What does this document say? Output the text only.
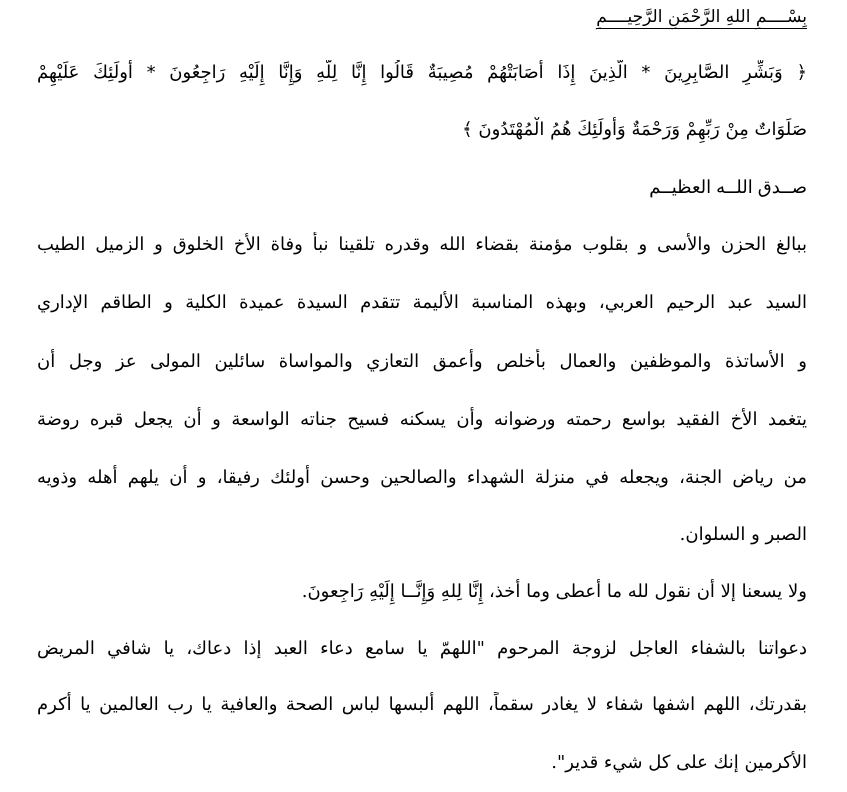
بِسْــــمِ اللهِ الرَّحْمَنِ الرَّحِيــــمِ

﴿ وَبَشِّرِ الصَّابِرِينَ * الَّذِينَ إِذَا أَصَابَتْهُمْ مُصِيبَةٌ قَالُوا إِنَّا لِلَّهِ وَإِنَّا إِلَيْهِ رَاجِعُونَ * أُولَئِكَ عَلَيْهِمْ

صَلَوَاتٌ مِنْ رَبِّهِمْ وَرَحْمَةٌ وَأُولَئِكَ هُمُ الْمُهْتَدُونَ ﴾

صــدق اللــه العظيــم

ببالغ الحزن والأسى و بقلوب مؤمنة بقضاء الله وقدره تلقينا نبأ وفاة الأخ الخلوق و الزميل الطيب

السيد عبد الرحيم العربي، وبهذه المناسبة الأليمة تتقدم السيدة عميدة الكلية و الطاقم الإداري

و الأساتذة والموظفين والعمال بأخلص وأعمق التعازي والمواساة سائلين المولى عز وجل أن

يتغمد الأخ الفقيد بواسع رحمته ورضوانه وأن يسكنه فسيح جناته الواسعة و أن يجعل قبره روضة

من رياض الجنة، ويجعله في منزلة الشهداء والصالحين وحسن أولئك رفيقا، و أن يلهم أهله وذويه

الصبر و السلوان.

ولا يسعنا إلا أن نقول لله ما أعطى وما أخذ، إِنَّا لِلهِ وَإِنَّــا إِلَيْهِ رَاجِعونَ.

دعواتنا بالشفاء العاجل لزوجة المرحوم "اللهمّ يا سامع دعاء العبد إذا دعاك، يا شافي المريض

بقدرتك، اللهم اشفها شفاء لا يغادر سقماً، اللهم ألبسها لباس الصحة والعافية يا رب العالمين يا أكرم

الأكرمين إنك على كل شيء قدير".
